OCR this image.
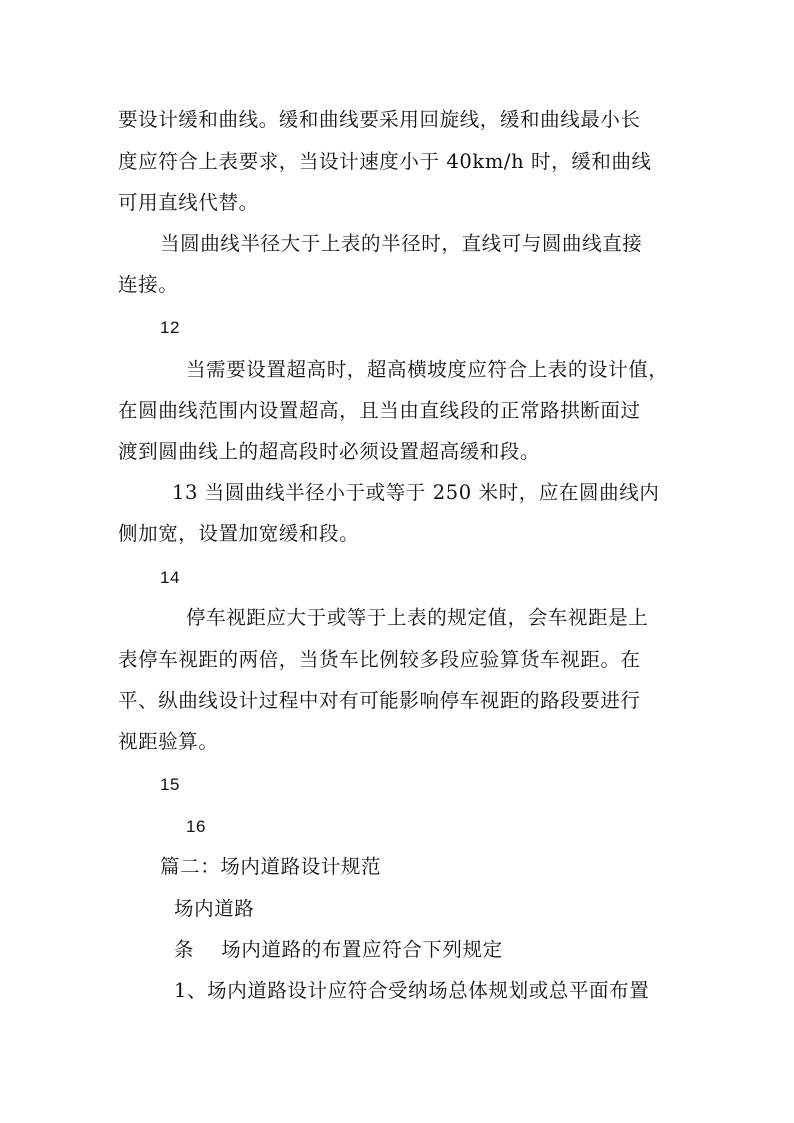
要设计缓和曲线。缓和曲线要采用回旋线，缓和曲线最小长
度应符合上表要求，当设计速度小于 40km/h 时，缓和曲线
可用直线代替。
当圆曲线半径大于上表的半径时，直线可与圆曲线直接
连接。
12
当需要设置超高时，超高横坡度应符合上表的设计值，
在圆曲线范围内设置超高，且当由直线段的正常路拱断面过
渡到圆曲线上的超高段时必须设置超高缓和段。
13 当圆曲线半径小于或等于 250 米时，应在圆曲线内
侧加宽，设置加宽缓和段。
14
停车视距应大于或等于上表的规定值，会车视距是上
表停车视距的两倍，当货车比例较多段应验算货车视距。在
平、纵曲线设计过程中对有可能影响停车视距的路段要进行
视距验算。
15
16
篇二：场内道路设计规范
场内道路
条    场内道路的布置应符合下列规定
1、场内道路设计应符合受纳场总体规划或总平面布置
